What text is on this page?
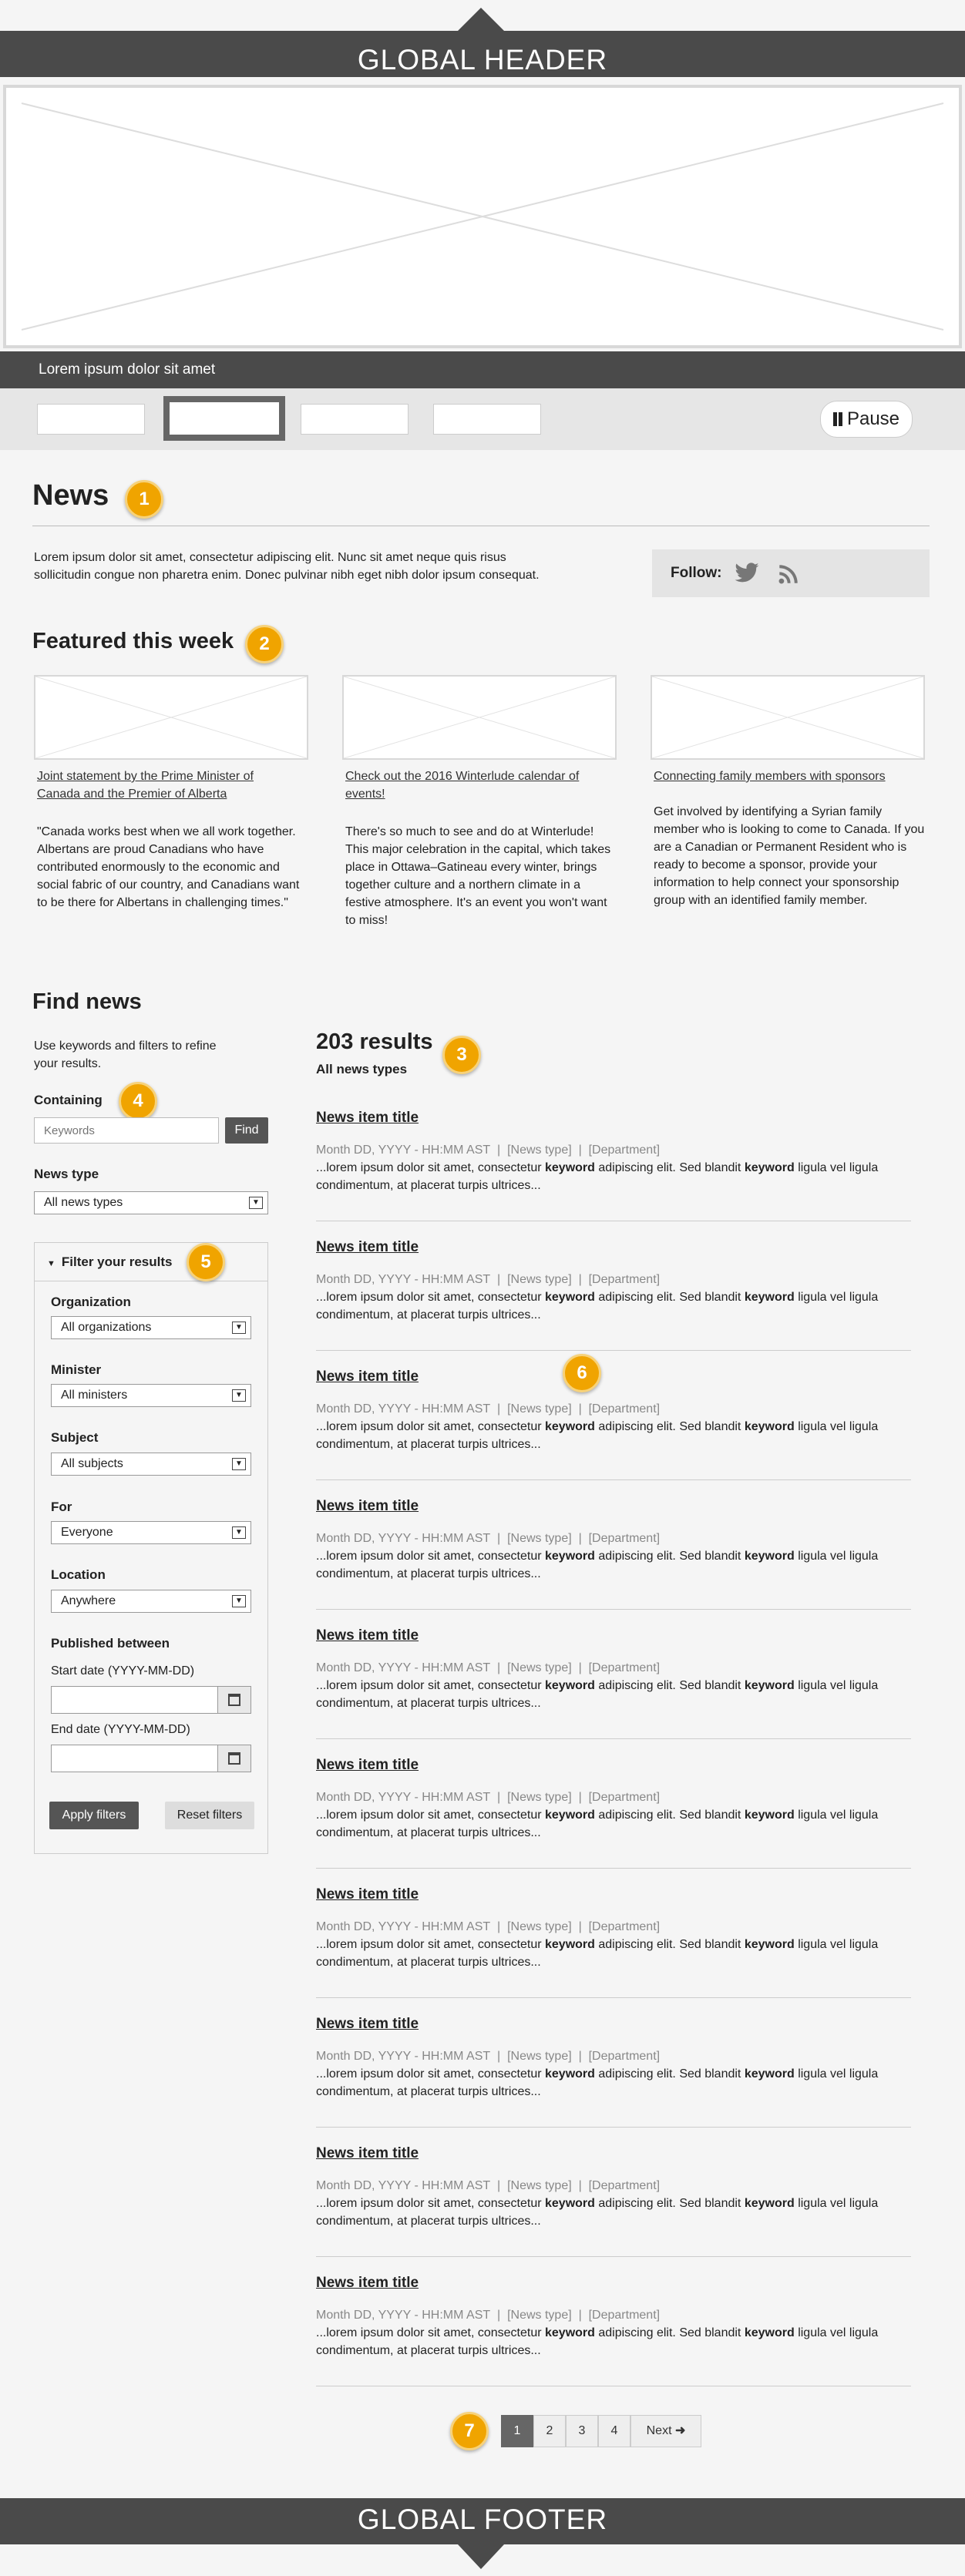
GLOBAL HEADER
Lorem ipsum dolor sit amet
Pause
News	1
Lorem ipsum dolor sit amet, consectetur adipiscing elit. Nunc sit amet neque quis risus sollicitudin congue non pharetra enim. Donec pulvinar nibh eget nibh dolor ipsum consequat.	Follow:
Featured this week	2
Joint statement by the Prime Minister of Canada and the Premier of Alberta
Check out the 2016 Winterlude calendar of events!
Connecting family members with sponsors
"Canada works best when we all work together. Albertans are proud Canadians who have contributed enormously to the economic and social fabric of our country, and Canadians want to be there for Albertans in challenging times."
There's so much to see and do at Winterlude! This major celebration in the capital, which takes place in Ottawa–Gatineau every winter, brings together culture and a northern climate in a festive atmosphere. It's an event you won't want to miss!
Get involved by identifying a Syrian family member who is looking to come to Canada. If you are a Canadian or Permanent Resident who is ready to become a sponsor, provide your information to help connect your sponsorship group with an identified family member.
Find news
Use keywords and filters to refine your results.
Containing	4
Keywords
Find
News type
All news types	▼
▼ Filter your results	5
Organization
All organizations	▼
Minister
All ministers	▼
Subject
All subjects	▼
For
Everyone	▼
Location
Anywhere	▼
Published between
Start date (YYYY-MM-DD)
End date (YYYY-MM-DD)
Apply filters	Reset filters
203 results
All news types
3
News item title
Month DD, YYYY - HH:MM AST  |  [News type]  |  [Department]
...lorem ipsum dolor sit amet, consectetur keyword adipiscing elit. Sed blandit keyword ligula vel ligula condimentum, at placerat turpis ultrices...
News item title
Month DD, YYYY - HH:MM AST  |  [News type]  |  [Department]
...lorem ipsum dolor sit amet, consectetur keyword adipiscing elit. Sed blandit keyword ligula vel ligula condimentum, at placerat turpis ultrices...
News item title
Month DD, YYYY - HH:MM AST  |  [News type]  |  [Department]
...lorem ipsum dolor sit amet, consectetur keyword adipiscing elit. Sed blandit keyword ligula vel ligula condimentum, at placerat turpis ultrices...
News item title
Month DD, YYYY - HH:MM AST  |  [News type]  |  [Department]
...lorem ipsum dolor sit amet, consectetur keyword adipiscing elit. Sed blandit keyword ligula vel ligula condimentum, at placerat turpis ultrices...
News item title
Month DD, YYYY - HH:MM AST  |  [News type]  |  [Department]
...lorem ipsum dolor sit amet, consectetur keyword adipiscing elit. Sed blandit keyword ligula vel ligula condimentum, at placerat turpis ultrices...
News item title
Month DD, YYYY - HH:MM AST  |  [News type]  |  [Department]
...lorem ipsum dolor sit amet, consectetur keyword adipiscing elit. Sed blandit keyword ligula vel ligula condimentum, at placerat turpis ultrices...
News item title
Month DD, YYYY - HH:MM AST  |  [News type]  |  [Department]
...lorem ipsum dolor sit amet, consectetur keyword adipiscing elit. Sed blandit keyword ligula vel ligula condimentum, at placerat turpis ultrices...
News item title
Month DD, YYYY - HH:MM AST  |  [News type]  |  [Department]
...lorem ipsum dolor sit amet, consectetur keyword adipiscing elit. Sed blandit keyword ligula vel ligula condimentum, at placerat turpis ultrices...
News item title
Month DD, YYYY - HH:MM AST  |  [News type]  |  [Department]
...lorem ipsum dolor sit amet, consectetur keyword adipiscing elit. Sed blandit keyword ligula vel ligula condimentum, at placerat turpis ultrices...
News item title
Month DD, YYYY - HH:MM AST  |  [News type]  |  [Department]
...lorem ipsum dolor sit amet, consectetur keyword adipiscing elit. Sed blandit keyword ligula vel ligula condimentum, at placerat turpis ultrices...
6
7	1	2	3	4	Next ➜
GLOBAL FOOTER
